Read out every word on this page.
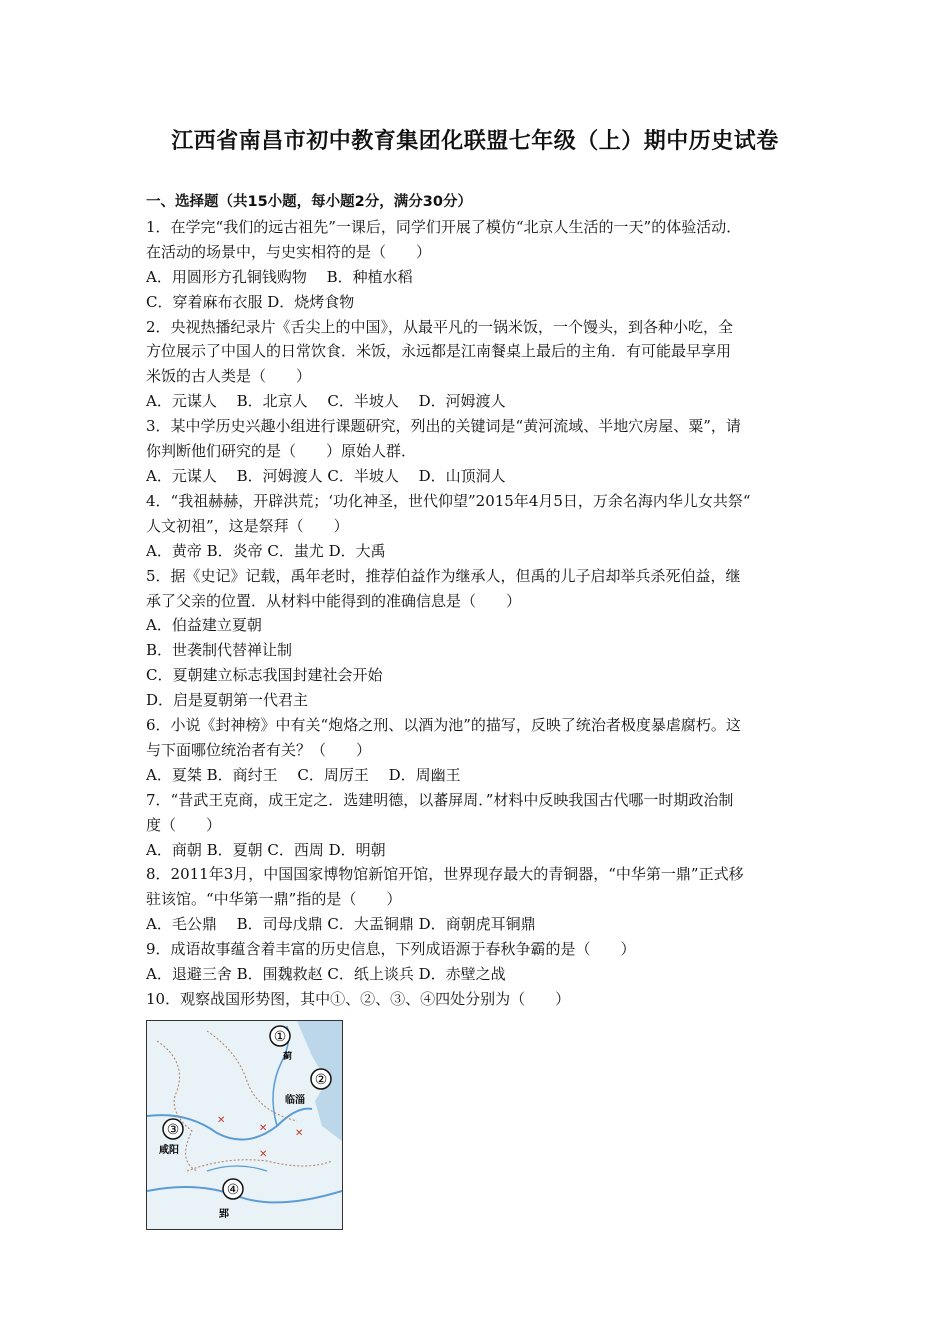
江西省南昌市初中教育集团化联盟七年级（上）期中历史试卷
一、选择题（共15小题，每小题2分，满分30分）
1．在学完“我们的远古祖先”一课后，同学们开展了模仿“北京人生活的一天”的体验活动．
在活动的场景中，与史实相符的是（　　）
A．用圆形方孔铜钱购物　 B．种植水稻
C．穿着麻布衣服 D．烧烤食物
2．央视热播纪录片《舌尖上的中国》，从最平凡的一锅米饭，一个馒头，到各种小吃，全
方位展示了中国人的日常饮食．米饭，永远都是江南餐桌上最后的主角．有可能最早享用
米饭的古人类是（　　）
A．元谋人　 B．北京人　 C．半坡人　 D．河姆渡人
3．某中学历史兴趣小组进行课题研究，列出的关键词是“黄河流域、半地穴房屋、粟”，请
你判断他们研究的是（　　）原始人群．
A．元谋人　 B．河姆渡人 C．半坡人　 D．山顶洞人
4．“我祖赫赫，开辟洪荒；‘功化神圣，世代仰望”2015年4月5日，万余名海内华儿女共祭“
人文初祖”，这是祭拜（　　）
A．黄帝 B．炎帝 C．蚩尤 D．大禹
5．据《史记》记载，禹年老时，推荐伯益作为继承人，但禹的儿子启却举兵杀死伯益，继
承了父亲的位置．从材料中能得到的准确信息是（　　）
A．伯益建立夏朝
B．世袭制代替禅让制
C．夏朝建立标志我国封建社会开始
D．启是夏朝第一代君主
6．小说《封神榜》中有关“炮烙之刑、以酒为池”的描写，反映了统治者极度暴虐腐朽。这
与下面哪位统治者有关？（　　）
A．夏桀 B．商纣王　 C．周厉王　 D．周幽王
7．“昔武王克商，成王定之．选建明德，以蕃屏周．”材料中反映我国古代哪一时期政治制
度（　　）
A．商朝 B．夏朝 C．西周 D．明朝
8．2011年3月，中国国家博物馆新馆开馆，世界现存最大的青铜器，“中华第一鼎”正式移
驻该馆。“中华第一鼎”指的是（　　）
A．毛公鼎　 B．司母戊鼎 C．大盂铜鼎 D．商朝虎耳铜鼎
9．成语故事蕴含着丰富的历史信息，下列成语源于春秋争霸的是（　　）
A．退避三舍 B．围魏救赵 C．纸上谈兵 D．赤壁之战
10．观察战国形势图，其中①、②、③、④四处分别为（　　）
✕
✕	✕
✕
①
②
③
④
蓟
临淄
咸阳
郢
